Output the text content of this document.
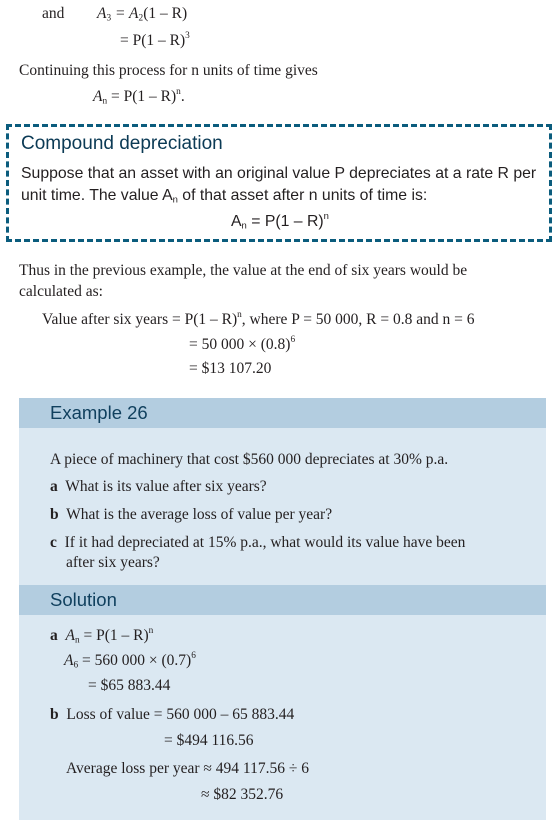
and $A_3 = A_2(1 - R)$
= P(1 – R)$^3$
Continuing this process for n units of time gives
$A_n = P(1 - R)^n$.
Compound depreciation
Suppose that an asset with an original value P depreciates at a rate R per
unit time. The value $A_n$ of that asset after n units of time is:
$A_n = P(1 - R)^n$
Thus in the previous example, the value at the end of six years would be
calculated as:
Value after six years = P(1 – R)$^n$, where P = 50 000, R = 0.8 and n = 6
= 50 $000 \times (0.8)^6$
= $13 107.20
Example 26
A piece of machinery that cost $560 000 depreciates at 30% p.a.
a What is its value after six years?
b What is the average loss of value per year?
c If it had depreciated at 15% p.a., what would its value have been
after six years?
Solution
a $A_n = P(1 - R)^n$
$A_6 = 560$ $000 \times (0.7)^6$
= $65 883.44
b Loss of value = 560 000 – 65 883.44
= $494 116.56
Average loss per year ≈ 494 117.56 ÷ 6
≈ $82 352.76
